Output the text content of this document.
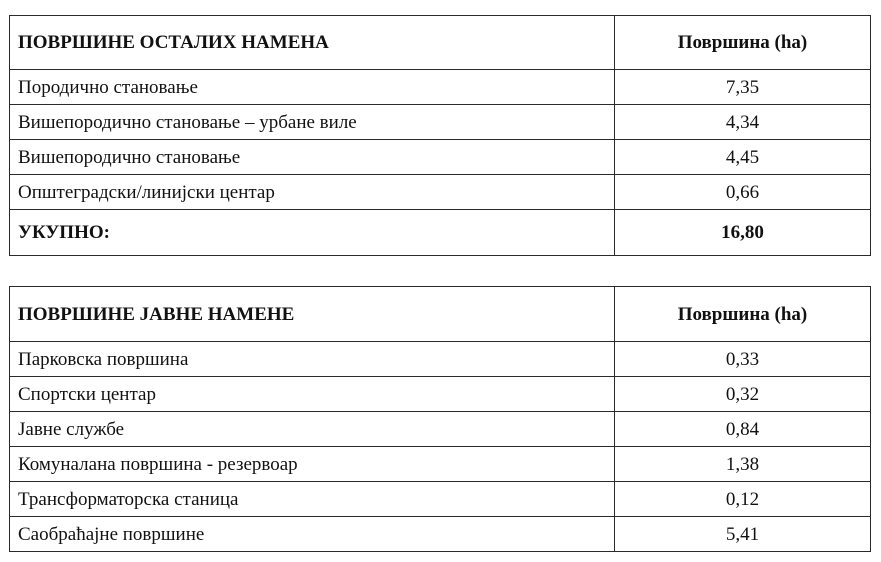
ПОВРШИНЕ ОСТАЛИХ НАМЕНА	Површина (ha)
Породично становање	7,35
Вишепородично становање – урбане виле	4,34
Вишепородично становање	4,45
Општеградски/линијски центар	0,66
УКУПНО:	16,80
ПОВРШИНЕ ЈАВНЕ НАМЕНЕ	Површина (ha)
Парковска површина	0,33
Спортски центар	0,32
Јавне службе	0,84
Комуналана површина - резервоар	1,38
Трансформаторска станица	0,12
Саобраћајне површине	5,41
